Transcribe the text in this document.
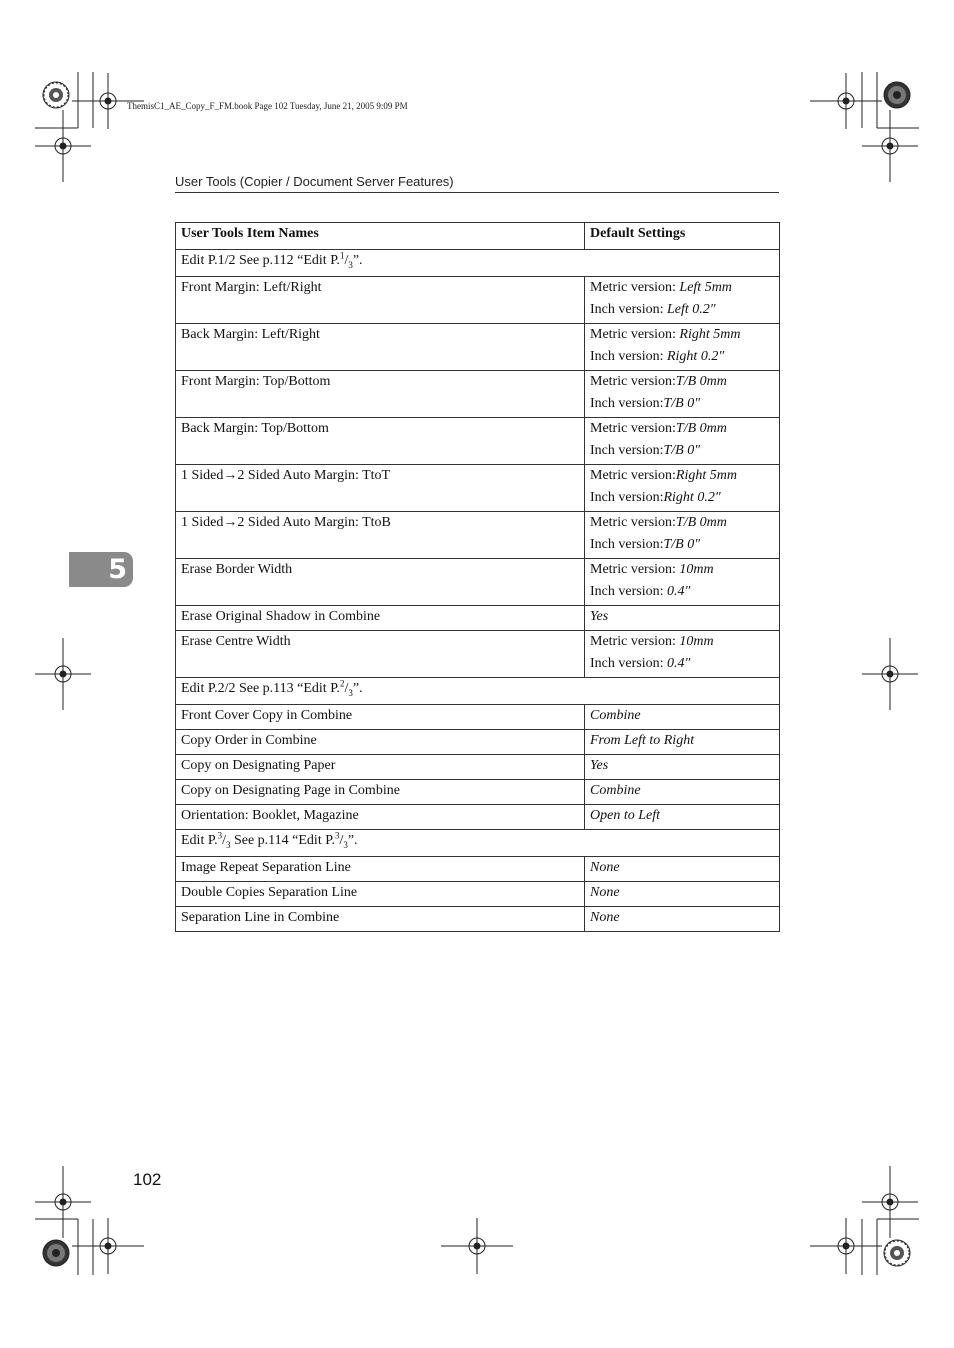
ThemisC1_AE_Copy_F_FM.book Page 102 Tuesday, June 21, 2005 9:09 PM
User Tools (Copier / Document Server Features)
5
User Tools Item Names	Default Settings
Edit P.1/2 See p.112 “Edit $P.^1/_3$”.	
Front Margin: Left/Right	Metric version: Left 5mm
Inch version: Left 0.2″

Back Margin: Left/Right	Metric version: Right 5mm
Inch version: Right 0.2″

Front Margin: Top/Bottom	Metric version:T/B 0mm
Inch version:T/B 0″

Back Margin: Top/Bottom	Metric version:T/B 0mm
Inch version:T/B 0″

1 Sided→2 Sided Auto Margin: TtoT	Metric version:Right 5mm
Inch version:Right 0.2″

1 Sided→2 Sided Auto Margin: TtoB	Metric version:T/B 0mm
Inch version:T/B 0″

Erase Border Width	Metric version: 10mm
Inch version: 0.4″

Erase Original Shadow in Combine	Yes
Erase Centre Width	Metric version: 10mm
Inch version: 0.4″

Edit P.2/2 See p.113 “Edit $P.^2/_3$”.	
Front Cover Copy in Combine	Combine
Copy Order in Combine	From Left to Right
Copy on Designating Paper	Yes
Copy on Designating Page in Combine	Combine
Orientation: Booklet, Magazine	Open to Left
Edit $P.^3/_3$ See p.114 “Edit $P.^3/_3$”.	
Image Repeat Separation Line	None
Double Copies Separation Line	None
Separation Line in Combine	None
102
